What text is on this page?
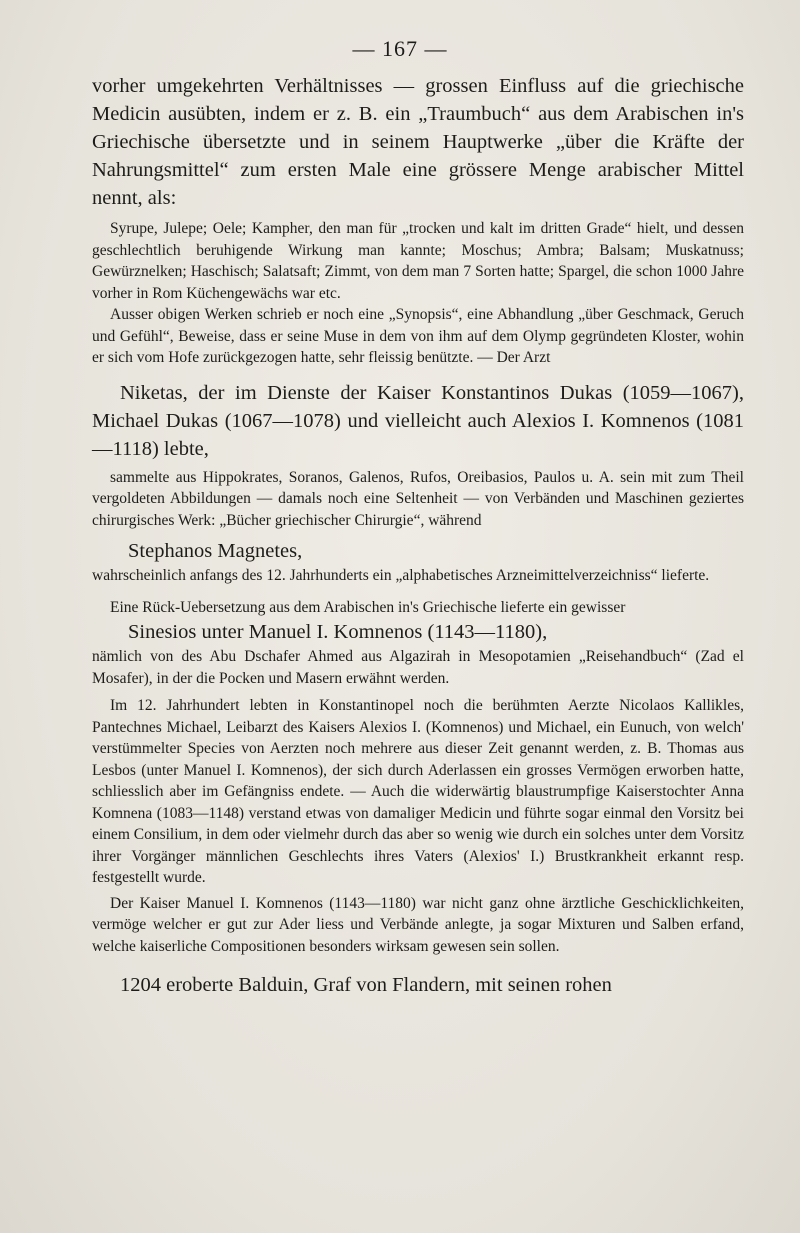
— 167 —

vorher umgekehrten Verhältnisses — grossen Einfluss auf die griechische Medicin ausübten, indem er z. B. ein „Traumbuch“ aus dem Arabischen in's Griechische übersetzte und in seinem Hauptwerke „über die Kräfte der Nahrungsmittel“ zum ersten Male eine grössere Menge arabischer Mittel nennt, als:

Syrupe, Julepe; Oele; Kampher, den man für „trocken und kalt im dritten Grade“ hielt, und dessen geschlechtlich beruhigende Wirkung man kannte; Moschus; Ambra; Balsam; Muskatnuss; Gewürznelken; Haschisch; Salatsaft; Zimmt, von dem man 7 Sorten hatte; Spargel, die schon 1000 Jahre vorher in Rom Küchengewächs war etc.

Ausser obigen Werken schrieb er noch eine „Synopsis“, eine Abhandlung „über Geschmack, Geruch und Gefühl“, Beweise, dass er seine Muse in dem von ihm auf dem Olymp gegründeten Kloster, wohin er sich vom Hofe zurückgezogen hatte, sehr fleissig benützte. — Der Arzt

Niketas, der im Dienste der Kaiser Konstantinos Dukas (1059—1067), Michael Dukas (1067—1078) und vielleicht auch Alexios I. Komnenos (1081—1118) lebte,

sammelte aus Hippokrates, Soranos, Galenos, Rufos, Oreibasios, Paulos u. A. sein mit zum Theil vergoldeten Abbildungen — damals noch eine Seltenheit — von Verbänden und Maschinen geziertes chirurgisches Werk: „Bücher griechischer Chirurgie“, während

Stephanos Magnetes,

wahrscheinlich anfangs des 12. Jahrhunderts ein „alphabetisches Arzneimittelverzeichniss“ lieferte.

Eine Rück-Uebersetzung aus dem Arabischen in's Griechische lieferte ein gewisser

Sinesios unter Manuel I. Komnenos (1143—1180),

nämlich von des Abu Dschafer Ahmed aus Algazirah in Mesopotamien „Reisehandbuch“ (Zad el Mosafer), in der die Pocken und Masern erwähnt werden.

Im 12. Jahrhundert lebten in Konstantinopel noch die berühmten Aerzte Nicolaos Kallikles, Pantechnes Michael, Leibarzt des Kaisers Alexios I. (Komnenos) und Michael, ein Eunuch, von welch' verstümmelter Species von Aerzten noch mehrere aus dieser Zeit genannt werden, z. B. Thomas aus Lesbos (unter Manuel I. Komnenos), der sich durch Aderlassen ein grosses Vermögen erworben hatte, schliesslich aber im Gefängniss endete. — Auch die widerwärtig blaustrumpfige Kaiserstochter Anna Komnena (1083—1148) verstand etwas von damaliger Medicin und führte sogar einmal den Vorsitz bei einem Consilium, in dem oder vielmehr durch das aber so wenig wie durch ein solches unter dem Vorsitz ihrer Vorgänger männlichen Geschlechts ihres Vaters (Alexios' I.) Brustkrankheit erkannt resp. festgestellt wurde.

Der Kaiser Manuel I. Komnenos (1143—1180) war nicht ganz ohne ärztliche Geschicklichkeiten, vermöge welcher er gut zur Ader liess und Verbände anlegte, ja sogar Mixturen und Salben erfand, welche kaiserliche Compositionen besonders wirksam gewesen sein sollen.

1204 eroberte Balduin, Graf von Flandern, mit seinen rohen
